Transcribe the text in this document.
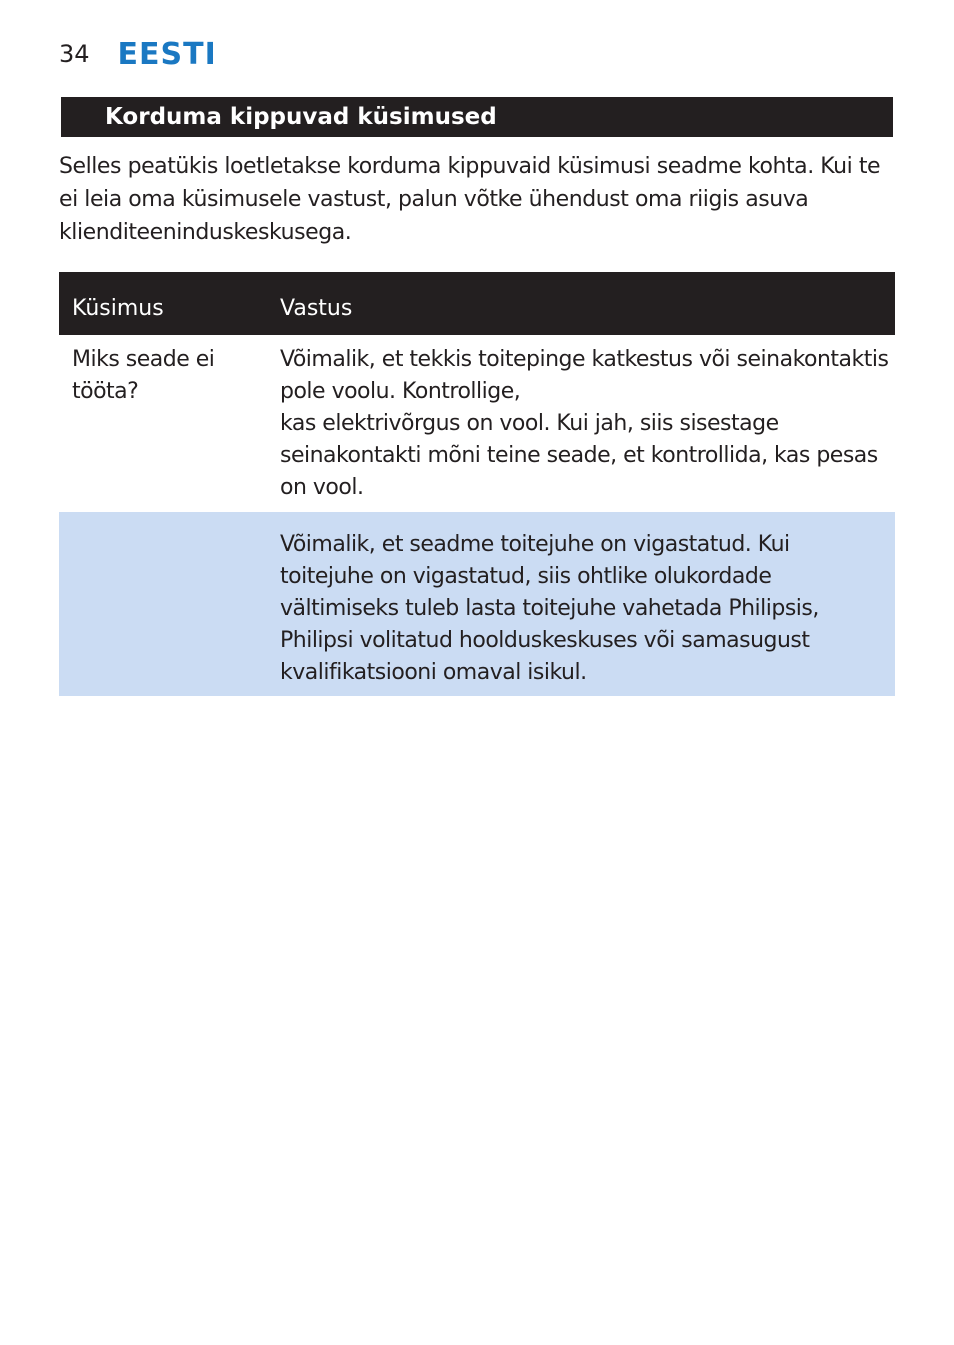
34 EESTI
Korduma kippuvad küsimused

Selles peatükis loetletakse korduma kippuvaid küsimusi seadme kohta. Kui te ei leia oma küsimusele vastust, palun võtke ühendust oma riigis asuva klienditeeninduskeskusega.

Küsimus	Vastus
Miks seade ei tööta?	Võimalik, et tekkis toitepinge katkestus või seinakontaktis pole voolu. Kontrollige,
kas elektrivõrgus on vool. Kui jah, siis sisestage seinakontakti mõni teine seade, et kontrollida, kas pesas on vool.

	Võimalik, et seadme toitejuhe on vigastatud. Kui toitejuhe on vigastatud, siis ohtlike olukordade vältimiseks tuleb lasta toitejuhe vahetada Philipsis, Philipsi volitatud hoolduskeskuses või samasugust kvalifikatsiooni omaval isikul.
